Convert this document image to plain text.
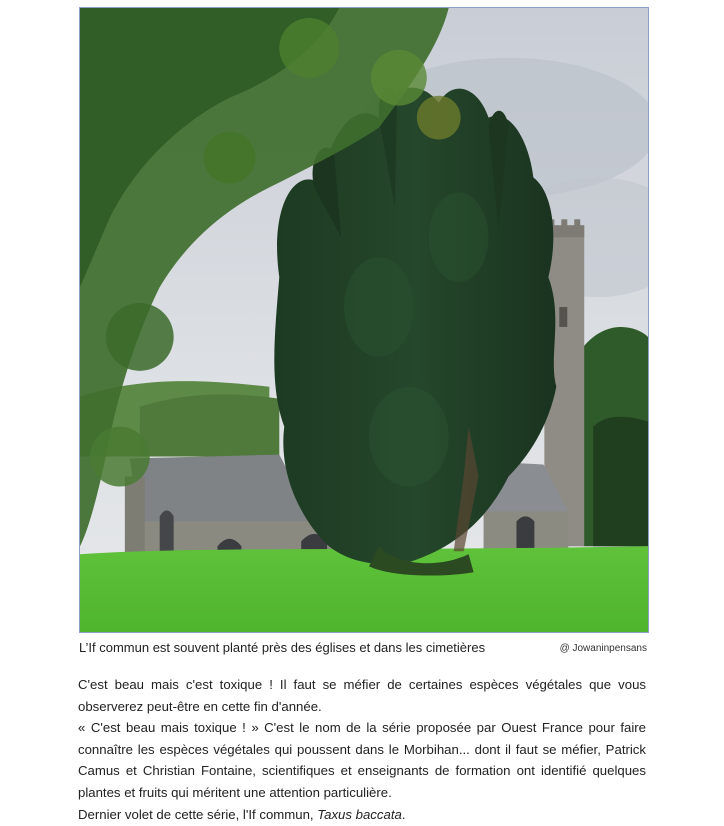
L’If commun est souvent planté près des églises et dans les cimetières	@ Jowaninpensans

C'est beau mais c'est toxique ! Il faut se méfier de certaines espèces végétales que vous observerez peut-être en cette fin d'année.

« C'est beau mais toxique ! » C'est le nom de la série proposée par Ouest France pour faire connaître les espèces végétales qui poussent dans le Morbihan... dont il faut se méfier, Patrick Camus et Christian Fontaine, scientifiques et enseignants de formation ont identifié quelques plantes et fruits qui méritent une attention particulière.

Dernier volet de cette série, l'If commun, Taxus baccata.
